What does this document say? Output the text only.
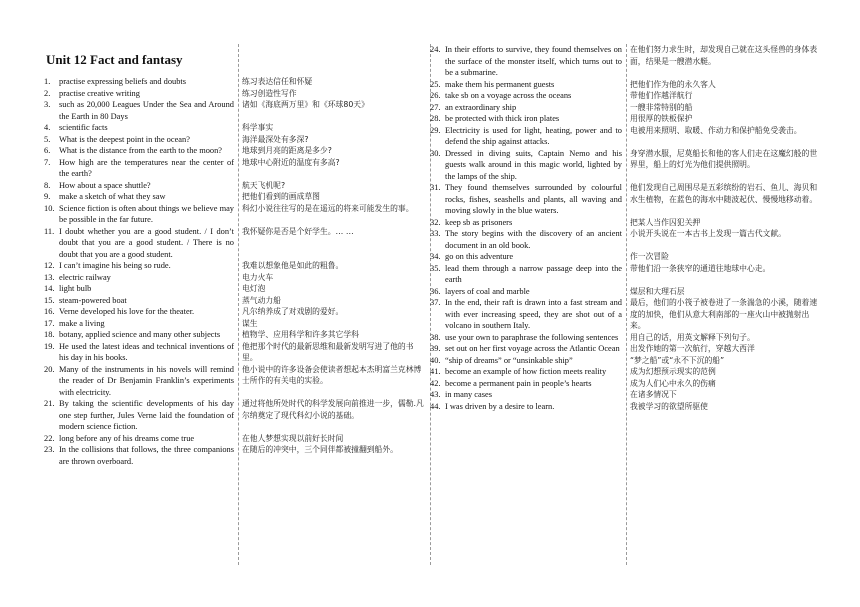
Unit 12 Fact and fantasy
1.	practise expressing beliefs and doubts	练习表达信任和怀疑
2.	practise creative writing	练习创造性写作
3.	such as 20,000 Leagues Under the Sea and Around the Earth in 80 Days
诸如《海底两万里》和《环球80天》
4.	scientific facts	科学事实
5.	What is the deepest point in the ocean?	海洋最深处有多深?
6.	What is the distance from the earth to the moon?	地球到月亮的距离是多少?
7.	How high are the temperatures near the center of the earth?
地球中心附近的温度有多高?
8.	How about a space shuttle?	航天飞机呢?
9.	make a sketch of what they saw	把他们看到的画成草图
10. Science fiction is often about things we believe may be possible in the far future.
科幻小说往往写的是在遥远的将来可能发生的事。
11. I doubt whether you are a good student. / I don’t doubt that you are a good student. / There is no doubt that you are a good student.
我怀疑你是否是个好学生。… …
12. I can’t imagine his being so rude.	我难以想象他是如此的粗鲁。
13. electric railway	电力火车
14. light bulb	电灯泡
15. steam-powered boat	蒸气动力船
16. Verne developed his love for the theater.	凡尔纳养成了对戏剧的爱好。
17. make a living	谋生
18. botany, applied science and many other subjects	植物学、应用科学和许多其它学科
19. He used the latest ideas and technical inventions of his day in his books.
他把那个时代的最新思维和最新发明写进了他的书里。
20. Many of the instruments in his novels will remind the reader of Dr Benjamin Franklin’s experiments with electricity.
他小说中的许多设备会使读者想起本杰明富兰克林博士所作的有关电的实验。
21. By taking the scientific developments of his day one step further, Jules Verne laid the foundation of modern science fiction.
通过将他所处时代的科学发展向前推进一步，儒勒.凡尔纳奠定了现代科幻小说的基础。
22. long before any of his dreams come true	在他人梦想实现以前好长时间
23. In the collisions that follows, the three companions are thrown overboard.
在随后的冲突中，三个同伴都被撞翻到船外。
24. In their efforts to survive, they found themselves on the surface of the monster itself, which turns out to be a submarine.
在他们努力求生时，却发现自己就在这头怪兽的身体表面，结果是一艘潜水艇。
25. make them his permanent guests	把他们作为他的永久客人
26. take sb on a voyage across the oceans	带他们作越洋航行
27. an extraordinary ship	一艘非常特别的船
28. be protected with thick iron plates	用很厚的铁板保护
29. Electricity is used for light, heating, power and to defend the ship against attacks.
电被用来照明、取暖、作动力和保护船免受袭击。
30. Dressed in diving suits, Captain Nemo and his guests walk around in this magic world, lighted by the lamps of the ship.
身穿潜水服，尼莫船长和他的客人们走在这魔幻般的世界里，船上的灯光为他们提供照明。
31. They found themselves surrounded by colourful rocks, fishes, seashells and plants, all waving and moving slowly in the blue waters.
他们发现自己周围尽是五彩缤纷的岩石、鱼儿、海贝和水生植物，在蓝色的海水中随波起伏、慢慢地移动着。
32. keep sb as prisoners	把某人当作囚犯关押
33. The story begins with the discovery of an ancient document in an old book.
小说开头说在一本古书上发现一篇古代文献。
34. go on this adventure	作一次冒险
35. lead them through a narrow passage deep into the earth
带他们沿一条狭窄的通道往地球中心走。
36. layers of coal and marble	煤层和大理石层
37. In the end, their raft is drawn into a fast stream and with ever increasing speed, they are shot out of a volcano in southern Italy.
最后，他们的小筏子被卷进了一条湍急的小溪，随着速度的加快，他们从意大利南部的一座火山中被抛射出来。
38. use your own to paraphrase the following sentences	用自己的话，用英文解释下列句子。
39. set out on her first voyage across the Atlantic Ocean	出发作她的第一次航行，穿越大西洋
40. “ship of dreams” or “unsinkable ship”	“梦之船”或“永不下沉的船”
41. become an example of how fiction meets reality	成为幻想预示现实的范例
42. become a permanent pain in people’s hearts	成为人们心中永久的伤痛
43. in many cases	在诸多情况下
44. I was driven by a desire to learn.	我被学习的欲望所驱使
